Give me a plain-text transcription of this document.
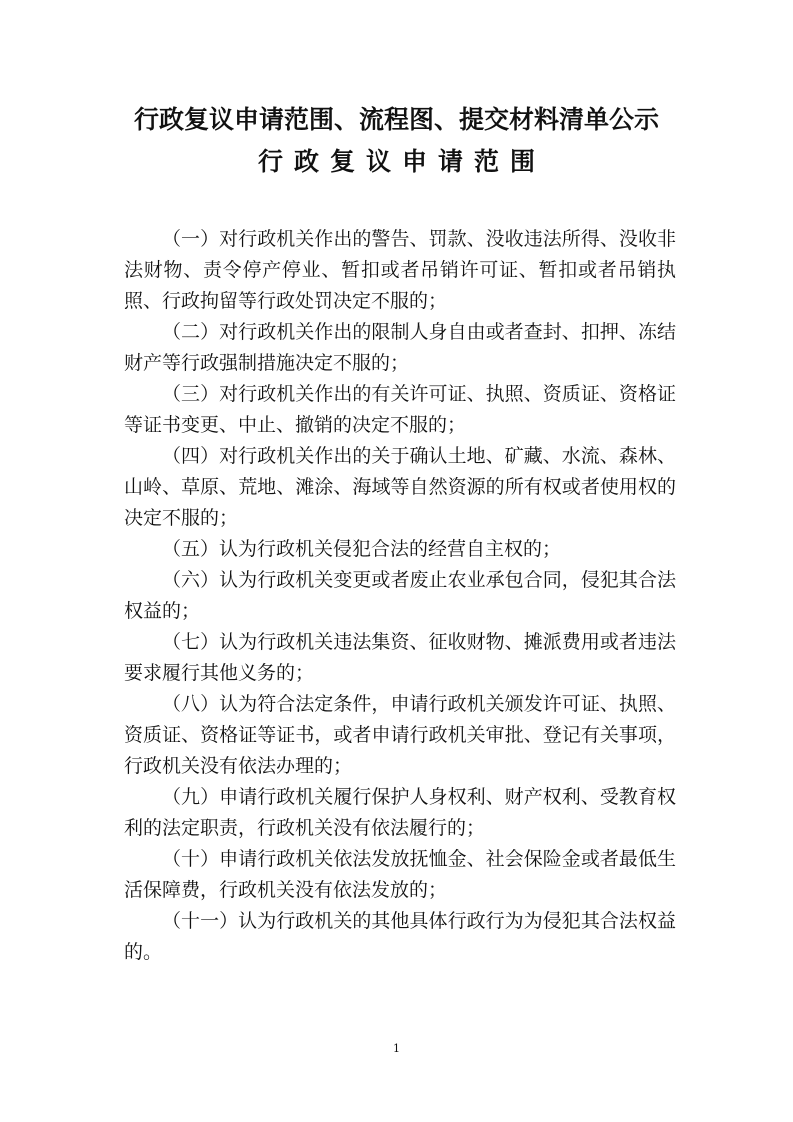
行政复议申请范围、流程图、提交材料清单公示
行政复议申请范围

（一）对行政机关作出的警告、罚款、没收违法所得、没收非法财物、责令停产停业、暂扣或者吊销许可证、暂扣或者吊销执照、行政拘留等行政处罚决定不服的；

（二）对行政机关作出的限制人身自由或者查封、扣押、冻结财产等行政强制措施决定不服的；

（三）对行政机关作出的有关许可证、执照、资质证、资格证等证书变更、中止、撤销的决定不服的；

（四）对行政机关作出的关于确认土地、矿藏、水流、森林、山岭、草原、荒地、滩涂、海域等自然资源的所有权或者使用权的决定不服的；

（五）认为行政机关侵犯合法的经营自主权的；

（六）认为行政机关变更或者废止农业承包合同，侵犯其合法权益的；

（七）认为行政机关违法集资、征收财物、摊派费用或者违法要求履行其他义务的；

（八）认为符合法定条件，申请行政机关颁发许可证、执照、资质证、资格证等证书，或者申请行政机关审批、登记有关事项，行政机关没有依法办理的；

（九）申请行政机关履行保护人身权利、财产权利、受教育权利的法定职责，行政机关没有依法履行的；

（十）申请行政机关依法发放抚恤金、社会保险金或者最低生活保障费，行政机关没有依法发放的；

（十一）认为行政机关的其他具体行政行为为侵犯其合法权益的。

1
